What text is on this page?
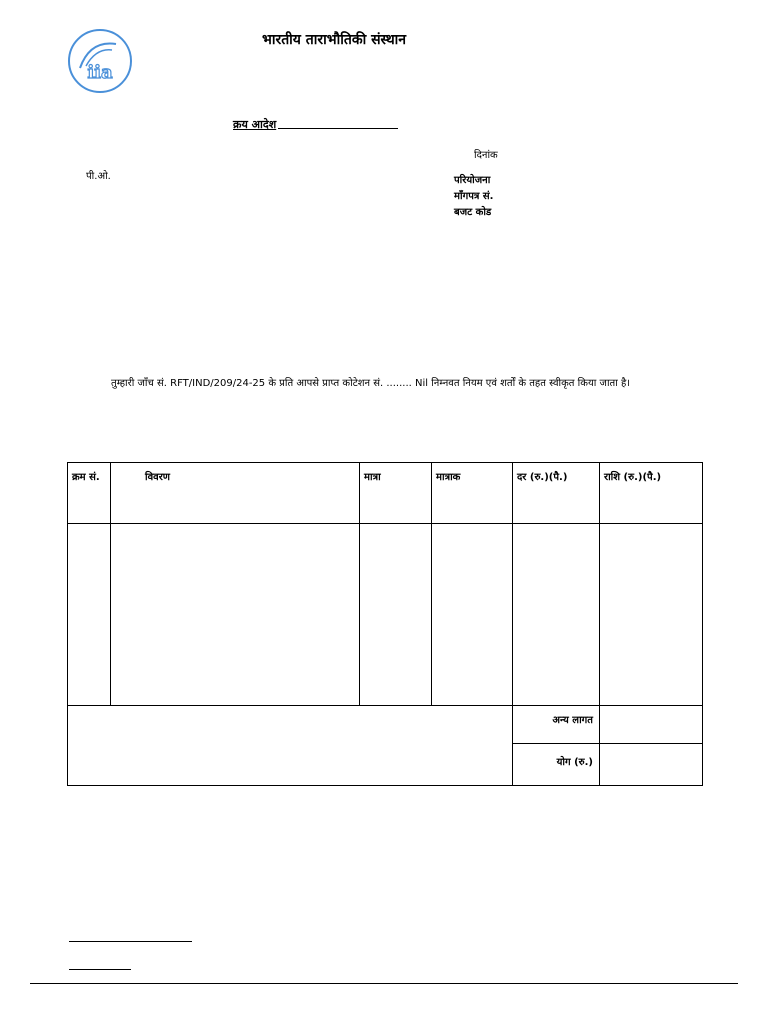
iia
भारतीय ताराभौतिकी संस्थान
क्रय आदेश
दिनांक
पी.ओ.	परियोजना
माँगपत्र सं.
बजट कोड
तुम्हारी जाँच सं. RFT/IND/209/24-25 के प्रति आपसे प्राप्त कोटेशन सं. ........ Nil निम्नवत नियम एवं शर्तों के तहत स्वीकृत किया जाता है।
क्रम सं.	विवरण	मात्रा	मात्राक	दर (रु.)(पै.)	राशि (रु.)(पै.)

				अन्य लागत	
				योग (रु.)	
